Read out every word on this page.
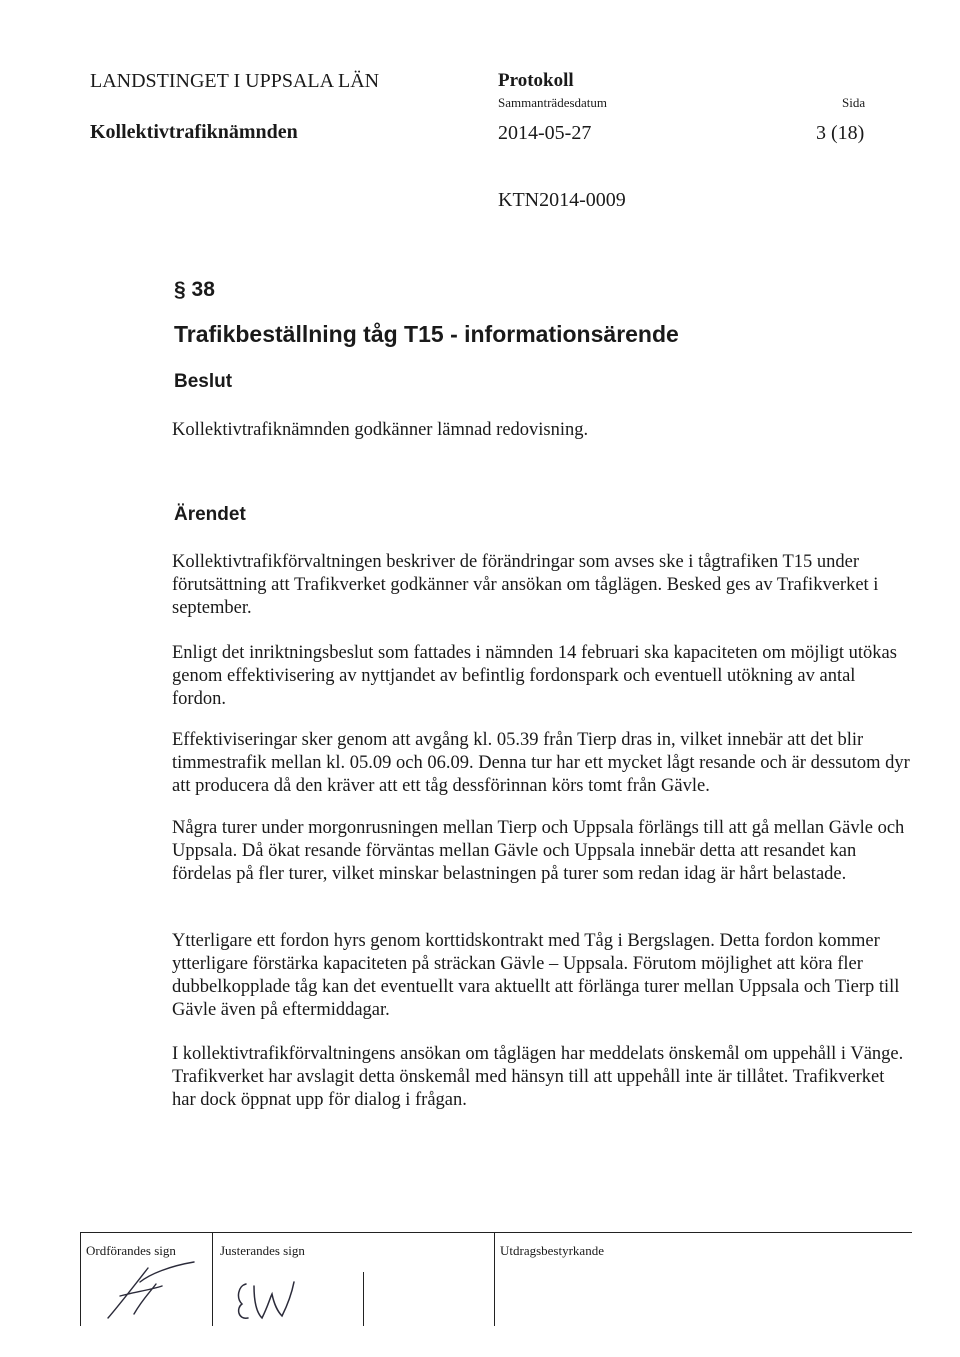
LANDSTINGET I UPPSALA LÄN
Kollektivtrafiknämnden
Protokoll
Sammanträdesdatum
2014-05-27
Sida
3 (18)
KTN2014-0009
§ 38
Trafikbeställning tåg T15 - informationsärende
Beslut

Kollektivtrafiknämnden godkänner lämnad redovisning.

Ärendet

Kollektivtrafikförvaltningen beskriver de förändringar som avses ske i tågtrafiken T15 under förutsättning att Trafikverket godkänner vår ansökan om tåglägen. Besked ges av Trafikverket i september.

Enligt det inriktningsbeslut som fattades i nämnden 14 februari ska kapaciteten om möjligt utökas genom effektivisering av nyttjandet av befintlig fordonspark och eventuell utökning av antal fordon.

Effektiviseringar sker genom att avgång kl. 05.39 från Tierp dras in, vilket innebär att det blir timmestrafik mellan kl. 05.09 och 06.09. Denna tur har ett mycket lågt resande och är dessutom dyr att producera då den kräver att ett tåg dessförinnan körs tomt från Gävle.

Några turer under morgonrusningen mellan Tierp och Uppsala förlängs till att gå mellan Gävle och Uppsala. Då ökat resande förväntas mellan Gävle och Uppsala innebär detta att resandet kan fördelas på fler turer, vilket minskar belastningen på turer som redan idag är hårt belastade.

Ytterligare ett fordon hyrs genom korttidskontrakt med Tåg i Bergslagen. Detta fordon kommer ytterligare förstärka kapaciteten på sträckan Gävle – Uppsala. Förutom möjlighet att köra fler dubbelkopplade tåg kan det eventuellt vara aktuellt att förlänga turer mellan Uppsala och Tierp till Gävle även på eftermiddagar.

I kollektivtrafikförvaltningens ansökan om tåglägen har meddelats önskemål om uppehåll i Vänge. Trafikverket har avslagit detta önskemål med hänsyn till att uppehåll inte är tillåtet. Trafikverket har dock öppnat upp för dialog i frågan.

Ordförandes sign	Justerandes sign	Utdragsbestyrkande
